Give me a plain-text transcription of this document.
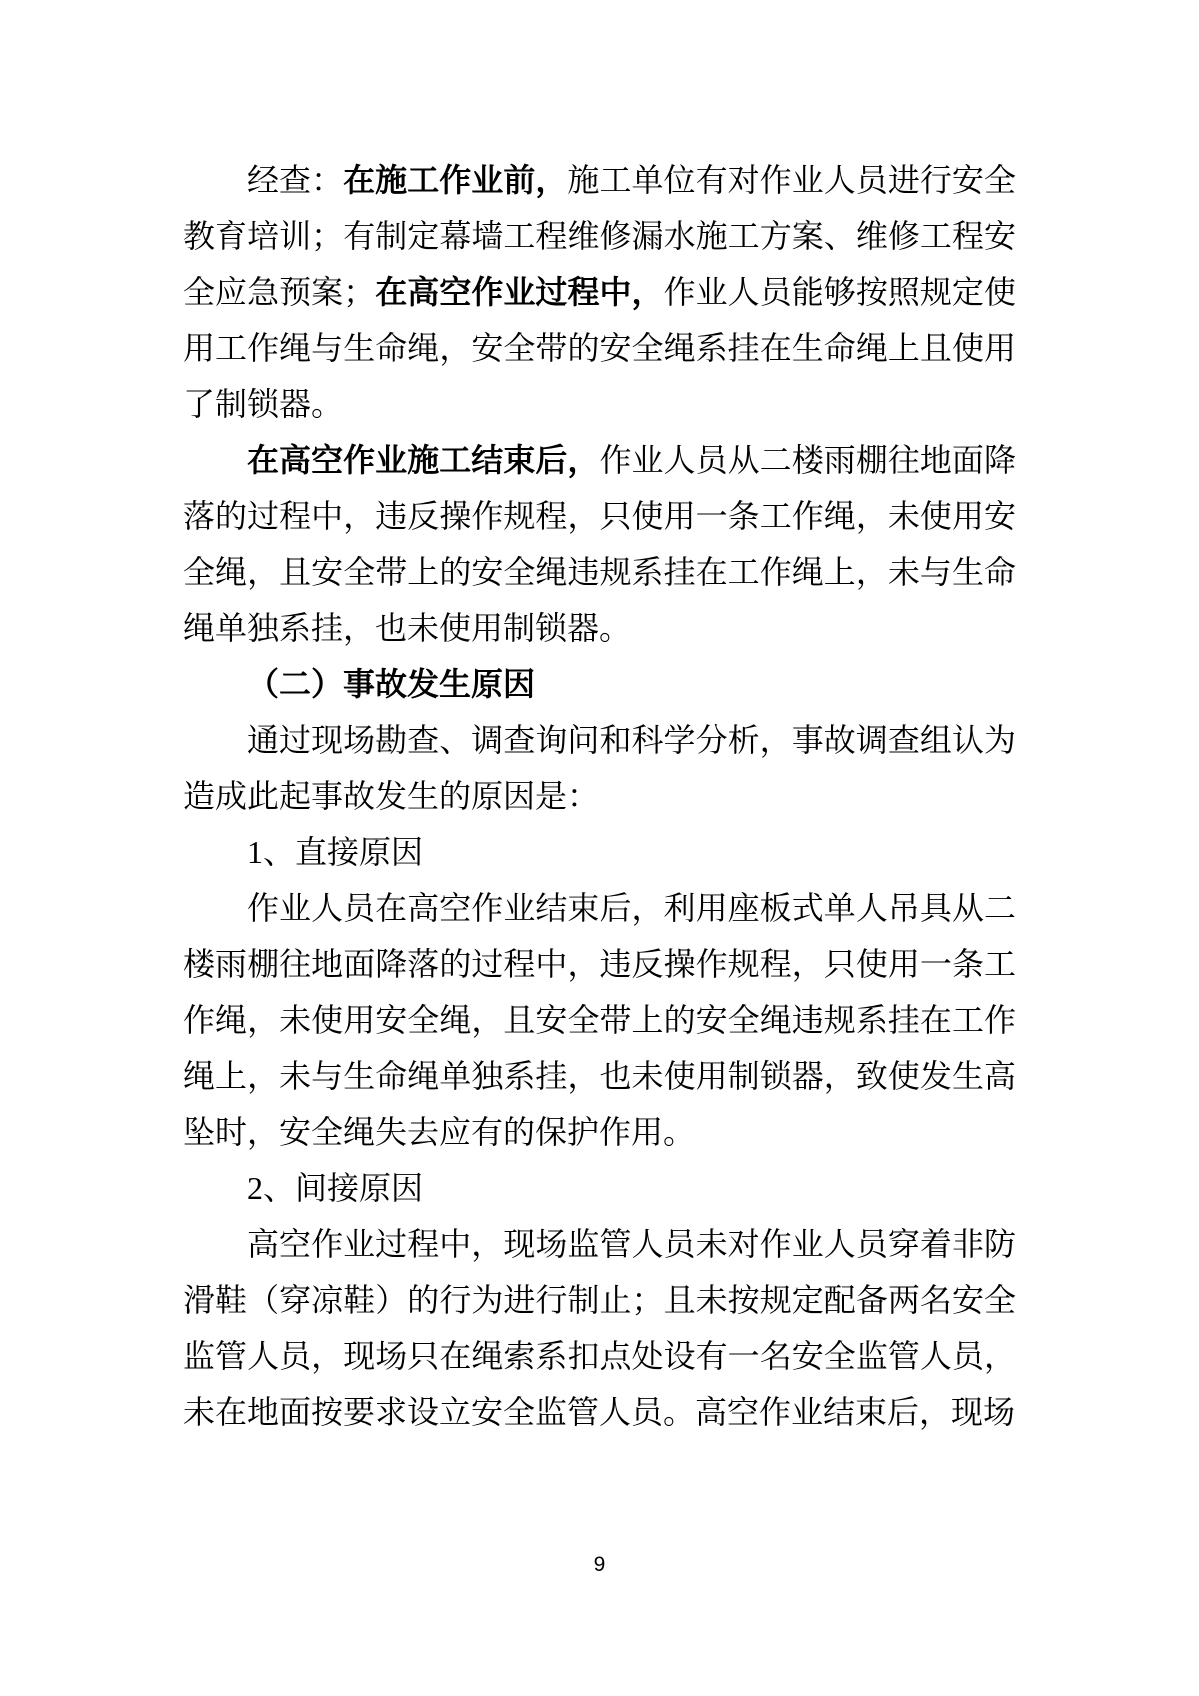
经查：在施工作业前，施工单位有对作业人员进行安全教育培训；有制定幕墙工程维修漏水施工方案、维修工程安全应急预案；在高空作业过程中，作业人员能够按照规定使用工作绳与生命绳，安全带的安全绳系挂在生命绳上且使用了制锁器。

在高空作业施工结束后，作业人员从二楼雨棚往地面降落的过程中，违反操作规程，只使用一条工作绳，未使用安全绳，且安全带上的安全绳违规系挂在工作绳上，未与生命绳单独系挂，也未使用制锁器。

（二）事故发生原因

通过现场勘查、调查询问和科学分析，事故调查组认为造成此起事故发生的原因是：

1、直接原因

作业人员在高空作业结束后，利用座板式单人吊具从二楼雨棚往地面降落的过程中，违反操作规程，只使用一条工作绳，未使用安全绳，且安全带上的安全绳违规系挂在工作绳上，未与生命绳单独系挂，也未使用制锁器，致使发生高坠时，安全绳失去应有的保护作用。

2、间接原因

高空作业过程中，现场监管人员未对作业人员穿着非防滑鞋（穿凉鞋）的行为进行制止；且未按规定配备两名安全监管人员，现场只在绳索系扣点处设有一名安全监管人员，未在地面按要求设立安全监管人员。高空作业结束后，现场

9
